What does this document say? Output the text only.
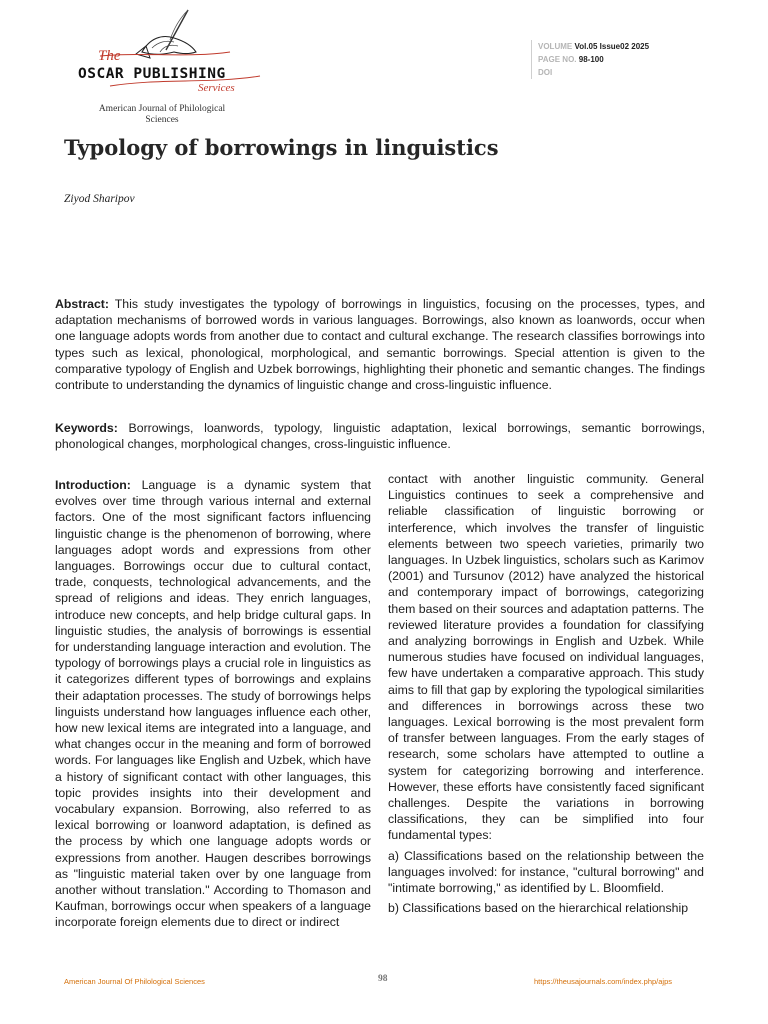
The
OSCAR PUBLISHING
Services
American Journal of Philological Sciences
VOLUME Vol.05 Issue02 2025
PAGE NO. 98-100
DOI
Typology of borrowings in linguistics
Ziyod Sharipov
Abstract: This study investigates the typology of borrowings in linguistics, focusing on the processes, types, and adaptation mechanisms of borrowed words in various languages. Borrowings, also known as loanwords, occur when one language adopts words from another due to contact and cultural exchange. The research classifies borrowings into types such as lexical, phonological, morphological, and semantic borrowings. Special attention is given to the comparative typology of English and Uzbek borrowings, highlighting their phonetic and semantic changes. The findings contribute to understanding the dynamics of linguistic change and cross-linguistic influence.
Keywords: Borrowings, loanwords, typology, linguistic adaptation, lexical borrowings, semantic borrowings, phonological changes, morphological changes, cross-linguistic influence.

Introduction: Language is a dynamic system that evolves over time through various internal and external factors. One of the most significant factors influencing linguistic change is the phenomenon of borrowing, where languages adopt words and expressions from other languages. Borrowings occur due to cultural contact, trade, conquests, technological advancements, and the spread of religions and ideas. They enrich languages, introduce new concepts, and help bridge cultural gaps. In linguistic studies, the analysis of borrowings is essential for understanding language interaction and evolution. The typology of borrowings plays a crucial role in linguistics as it categorizes different types of borrowings and explains their adaptation processes. The study of borrowings helps linguists understand how languages influence each other, how new lexical items are integrated into a language, and what changes occur in the meaning and form of borrowed words. For languages like English and Uzbek, which have a history of significant contact with other languages, this topic provides insights into their development and vocabulary expansion. Borrowing, also referred to as lexical borrowing or loanword adaptation, is defined as the process by which one language adopts words or expressions from another. Haugen describes borrowings as "linguistic material taken over by one language from another without translation." According to Thomason and Kaufman, borrowings occur when speakers of a language incorporate foreign elements due to direct or indirect

contact with another linguistic community. General Linguistics continues to seek a comprehensive and reliable classification of linguistic borrowing or interference, which involves the transfer of linguistic elements between two speech varieties, primarily two languages. In Uzbek linguistics, scholars such as Karimov (2001) and Tursunov (2012) have analyzed the historical and contemporary impact of borrowings, categorizing them based on their sources and adaptation patterns. The reviewed literature provides a foundation for classifying and analyzing borrowings in English and Uzbek. While numerous studies have focused on individual languages, few have undertaken a comparative approach. This study aims to fill that gap by exploring the typological similarities and differences in borrowings across these two languages. Lexical borrowing is the most prevalent form of transfer between languages. From the early stages of research, some scholars have attempted to outline a system for categorizing borrowing and interference. However, these efforts have consistently faced significant challenges. Despite the variations in borrowing classifications, they can be simplified into four fundamental types:

a) Classifications based on the relationship between the languages involved: for instance, "cultural borrowing" and "intimate borrowing," as identified by L. Bloomfield.

b) Classifications based on the hierarchical relationship

American Journal Of Philological Sciences	98	https://theusajournals.com/index.php/ajps
